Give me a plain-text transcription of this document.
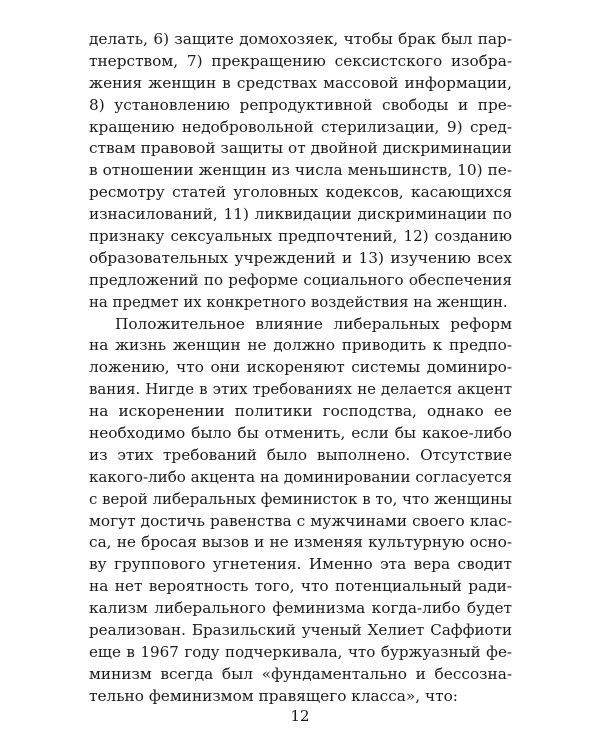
делать, 6) защите домохозяек, чтобы брак был пар-
тнерством, 7) прекращению сексистского изобра-
жения женщин в средствах массовой информации,
8) установлению репродуктивной свободы и пре-
кращению недобровольной стерилизации, 9) сред-
ствам правовой защиты от двойной дискриминации
в отношении женщин из числа меньшинств, 10) пе-
ресмотру статей уголовных кодексов, касающихся
изнасилований, 11) ликвидации дискриминации по
признаку сексуальных предпочтений, 12) созданию
образовательных учреждений и 13) изучению всех
предложений по реформе социального обеспечения
на предмет их конкретного воздействия на женщин.
Положительное влияние либеральных реформ
на жизнь женщин не должно приводить к предпо-
ложению, что они искореняют системы доминиро-
вания. Нигде в этих требованиях не делается акцент
на искоренении политики господства, однако ее
необходимо было бы отменить, если бы какое-либо
из этих требований было выполнено. Отсутствие
какого-либо акцента на доминировании согласуется
с верой либеральных феминисток в то, что женщины
могут достичь равенства с мужчинами своего клас-
са, не бросая вызов и не изменяя культурную осно-
ву группового угнетения. Именно эта вера сводит
на нет вероятность того, что потенциальный ради-
кализм либерального феминизма когда-либо будет
реализован. Бразильский ученый Хелиет Саффиоти
еще в 1967 году подчеркивала, что буржуазный фе-
минизм всегда был «фундаментально и бессозна-
тельно феминизмом правящего класса», что:
12
